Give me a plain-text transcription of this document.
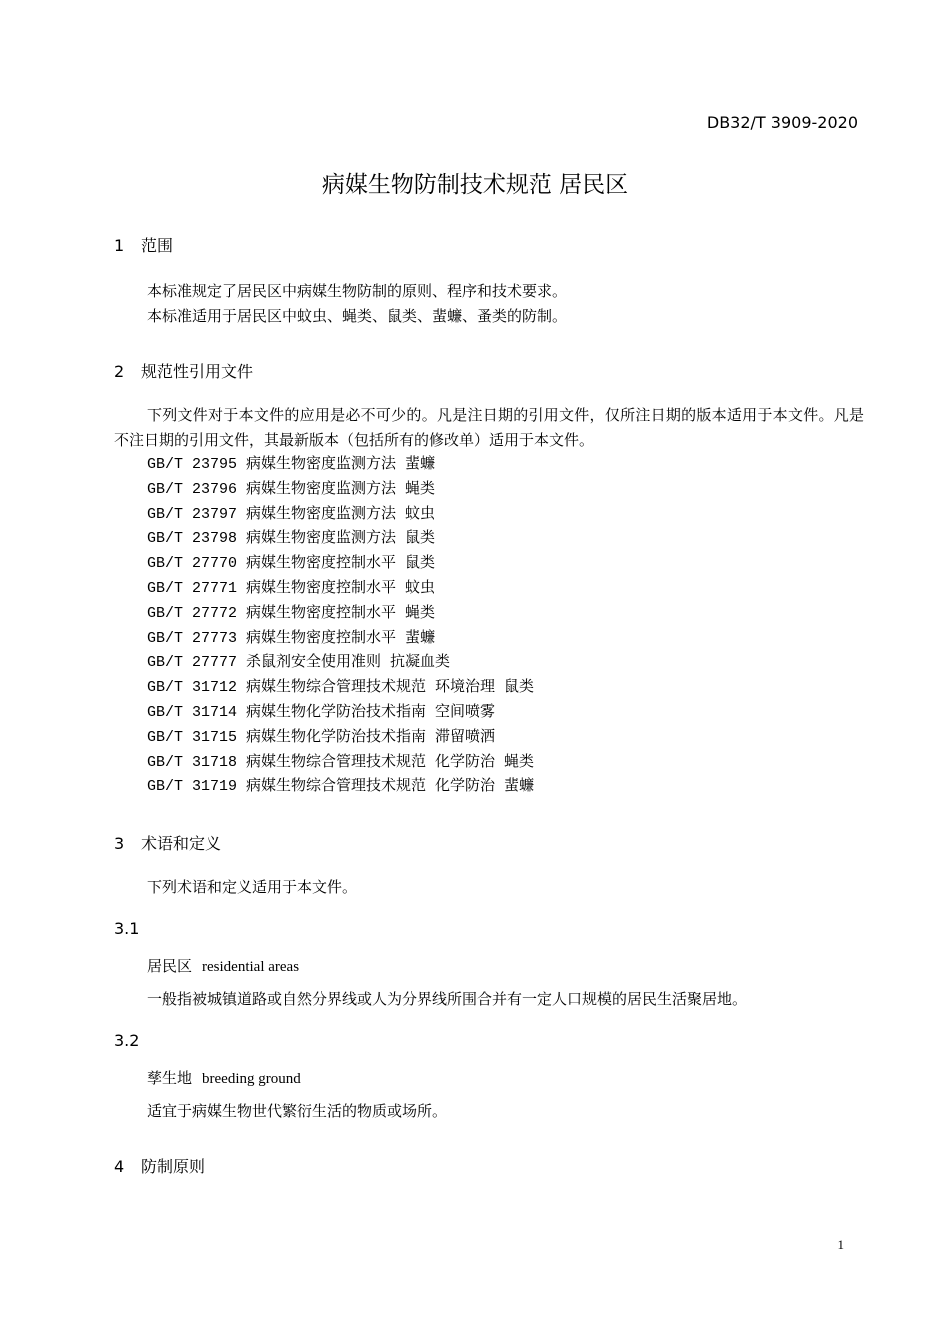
DB32/T 3909-2020
病媒生物防制技术规范 居民区
1 范围
本标准规定了居民区中病媒生物防制的原则、程序和技术要求。
本标准适用于居民区中蚊虫、蝇类、鼠类、蜚蠊、蚤类的防制。
2 规范性引用文件
下列文件对于本文件的应用是必不可少的。凡是注日期的引用文件，仅所注日期的版本适用于本文件。凡是不注日期的引用文件，其最新版本（包括所有的修改单）适用于本文件。
GB/T 23795 病媒生物密度监测方法 蜚蠊
GB/T 23796 病媒生物密度监测方法 蝇类
GB/T 23797 病媒生物密度监测方法 蚊虫
GB/T 23798 病媒生物密度监测方法 鼠类
GB/T 27770 病媒生物密度控制水平 鼠类
GB/T 27771 病媒生物密度控制水平 蚊虫
GB/T 27772 病媒生物密度控制水平 蝇类
GB/T 27773 病媒生物密度控制水平 蜚蠊
GB/T 27777 杀鼠剂安全使用准则 抗凝血类
GB/T 31712 病媒生物综合管理技术规范 环境治理 鼠类
GB/T 31714 病媒生物化学防治技术指南 空间喷雾
GB/T 31715 病媒生物化学防治技术指南 滞留喷洒
GB/T 31718 病媒生物综合管理技术规范 化学防治 蝇类
GB/T 31719 病媒生物综合管理技术规范 化学防治 蜚蠊
3 术语和定义
下列术语和定义适用于本文件。
3.1
居民区 residential areas
一般指被城镇道路或自然分界线或人为分界线所围合并有一定人口规模的居民生活聚居地。
3.2
孳生地 breeding ground
适宜于病媒生物世代繁衍生活的物质或场所。
4 防制原则
1
